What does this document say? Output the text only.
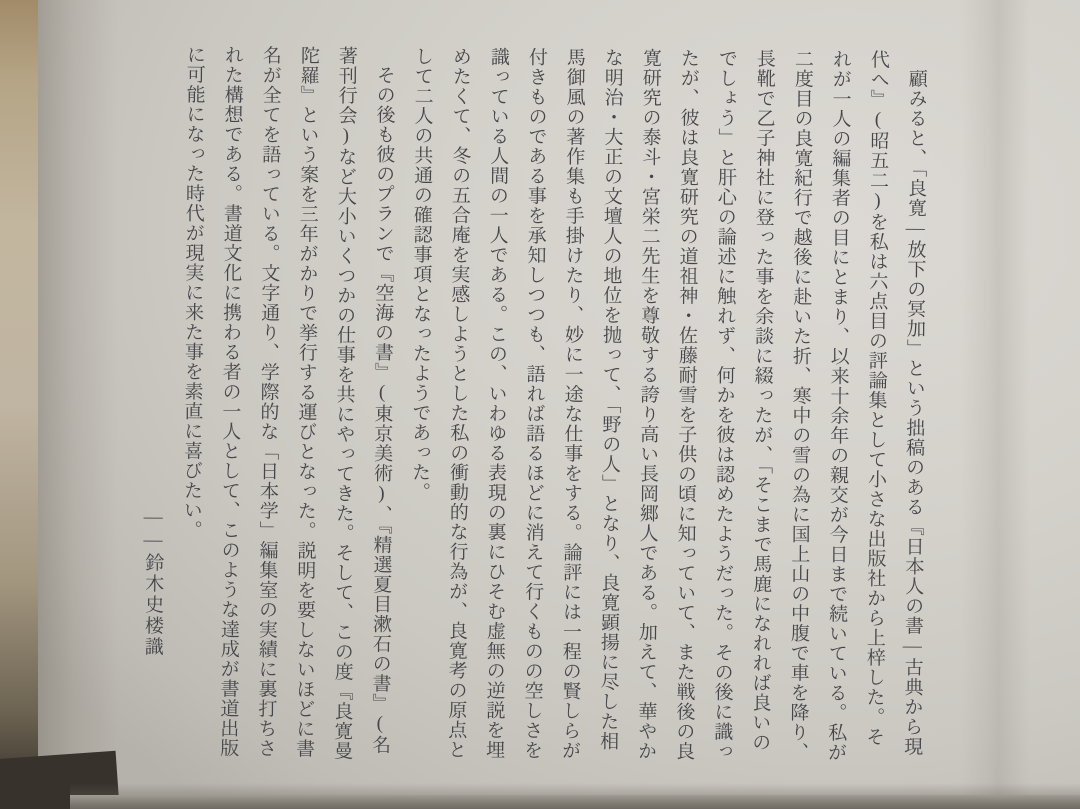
顧みると、「良寛―放下の冥加」という拙稿のある『日本人の書―古典から現代へ』(昭五二)を私は六点目の評論集として小さな出版社から上梓した。それが一人の編集者の目にとまり、以来十余年の親交が今日まで続いている。私が二度目の良寛紀行で越後に赴いた折、寒中の雪の為に国上山の中腹で車を降り、長靴で乙子神社に登った事を余談に綴ったが、「そこまで馬鹿になれれば良いのでしょう」と肝心の論述に触れず、何かを彼は認めたようだった。その後に識ったが、彼は良寛研究の道祖神・佐藤耐雪を子供の頃に知っていて、また戦後の良寛研究の泰斗・宮栄二先生を尊敬する誇り高い長岡郷人である。加えて、華やかな明治・大正の文壇人の地位を抛って、「野の人」となり、良寛顕揚に尽した相馬御風の著作集も手掛けたり、妙に一途な仕事をする。論評には一程の賢しらが付きものである事を承知しつつも、語れば語るほどに消えて行くものの空しさを識っている人間の一人である。この、いわゆる表現の裏にひそむ虚無の逆説を埋めたくて、冬の五合庵を実感しようとした私の衝動的な行為が、良寛考の原点として二人の共通の確認事項となったようであった。

その後も彼のプランで『空海の書』(東京美術)、『精選夏目漱石の書』(名著刊行会)など大小いくつかの仕事を共にやってきた。そして、この度『良寛曼陀羅』という案を三年がかりで挙行する運びとなった。説明を要しないほどに書名が全てを語っている。文字通り、学際的な「日本学」編集室の実績に裏打ちされた構想である。書道文化に携わる者の一人として、このような達成が書道出版に可能になった時代が現実に来た事を素直に喜びたい。

――鈴木史楼識
